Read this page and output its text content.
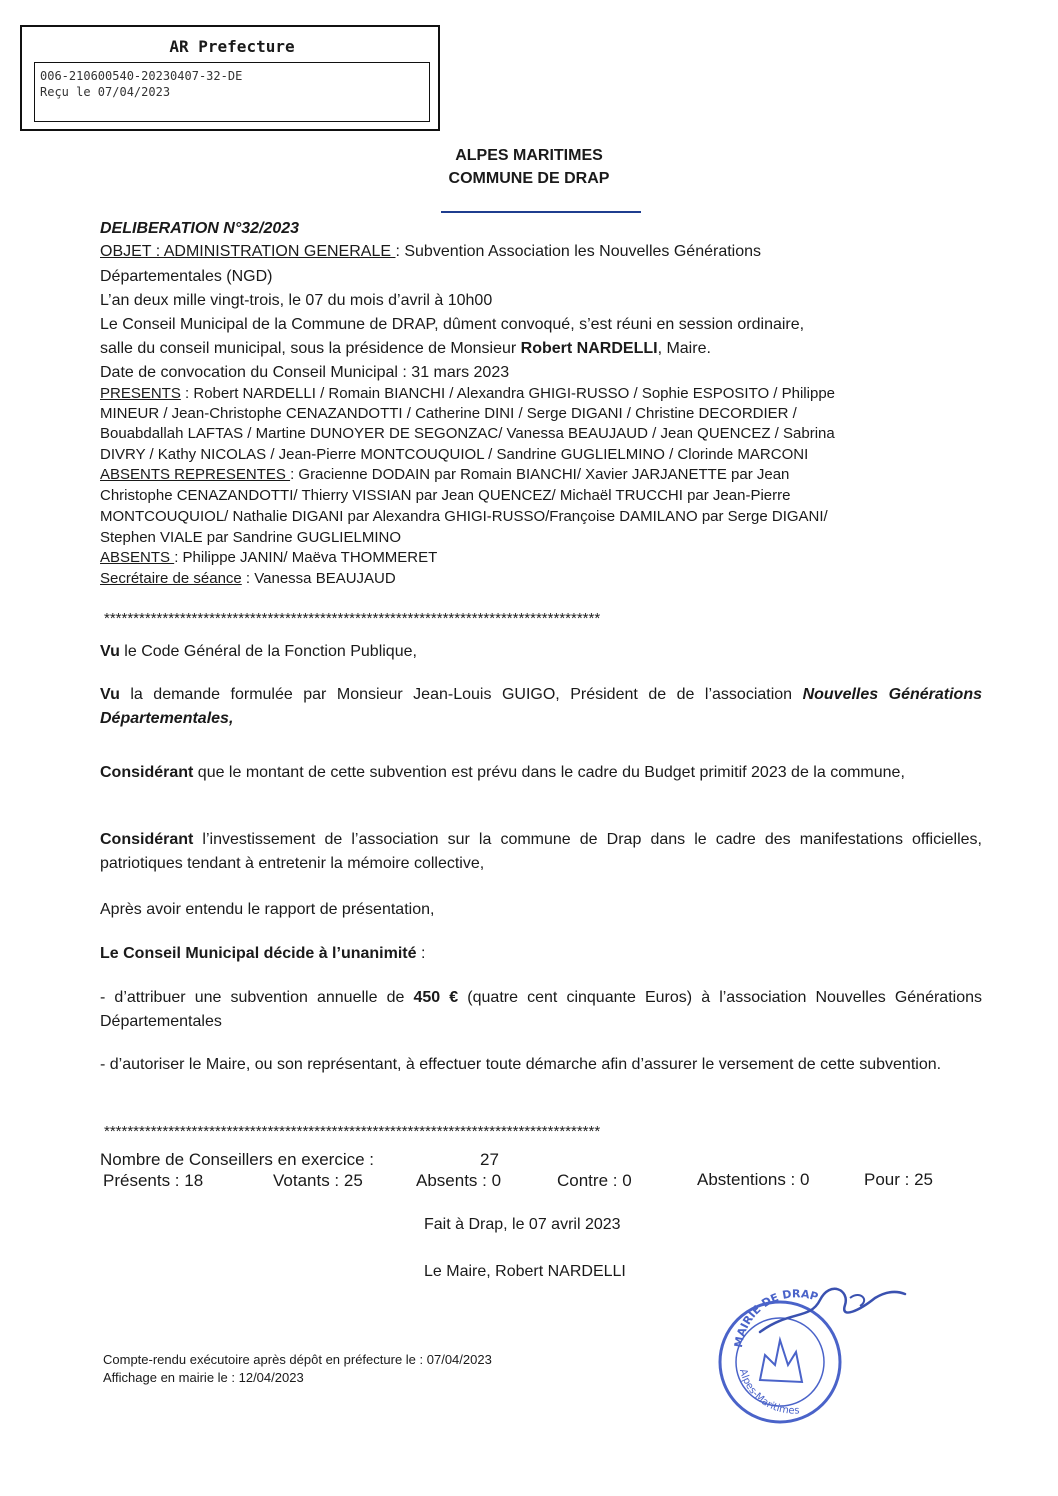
AR Prefecture
006-210600540-20230407-32-DE
Reçu le 07/04/2023
ALPES MARITIMES
COMMUNE DE DRAP
DELIBERATION N°32/2023
OBJET : ADMINISTRATION GENERALE : Subvention Association les Nouvelles Générations
Départementales (NGD)
L’an deux mille vingt-trois, le 07 du mois d’avril à 10h00
Le Conseil Municipal de la Commune de DRAP, dûment convoqué, s’est réuni en session ordinaire,
salle du conseil municipal, sous la présidence de Monsieur Robert NARDELLI, Maire.
Date de convocation du Conseil Municipal : 31 mars 2023
PRESENTS : Robert NARDELLI / Romain BIANCHI / Alexandra GHIGI-RUSSO / Sophie ESPOSITO / Philippe
MINEUR / Jean-Christophe CENAZANDOTTI / Catherine DINI / Serge DIGANI / Christine DECORDIER /
Bouabdallah LAFTAS / Martine DUNOYER DE SEGONZAC/ Vanessa BEAUJAUD / Jean QUENCEZ / Sabrina
DIVRY / Kathy NICOLAS / Jean-Pierre MONTCOUQUIOL / Sandrine GUGLIELMINO / Clorinde MARCONI
ABSENTS REPRESENTES : Gracienne DODAIN par Romain BIANCHI/ Xavier JARJANETTE par Jean
Christophe CENAZANDOTTI/ Thierry VISSIAN par Jean QUENCEZ/ Michaël TRUCCHI par Jean-Pierre
MONTCOUQUIOL/ Nathalie DIGANI par Alexandra GHIGI-RUSSO/Françoise DAMILANO par Serge DIGANI/
Stephen VIALE par Sandrine GUGLIELMINO
ABSENTS : Philippe JANIN/ Maëva THOMMERET
Secrétaire de séance : Vanessa BEAUJAUD
*************************************************************************************
Vu le Code Général de la Fonction Publique,
Vu la demande formulée par Monsieur Jean-Louis GUIGO, Président de de l’association Nouvelles Générations Départementales,
Considérant que le montant de cette subvention est prévu dans le cadre du Budget primitif 2023 de la commune,
Considérant l’investissement de l’association sur la commune de Drap dans le cadre des manifestations officielles, patriotiques tendant à entretenir la mémoire collective,
Après avoir entendu le rapport de présentation,
Le Conseil Municipal décide à l’unanimité :
- d’attribuer une subvention annuelle de 450 € (quatre cent cinquante Euros) à l’association Nouvelles Générations Départementales
- d’autoriser le Maire, ou son représentant, à effectuer toute démarche afin d’assurer le versement de cette subvention.
*************************************************************************************
Nombre de Conseillers en exercice :	27
Présents : 18	Votants : 25	Absents : 0	Contre : 0	Abstentions : 0	Pour : 25
Fait à Drap, le 07 avril 2023
Le Maire, Robert NARDELLI
MAIRIE DE DRAP
Alpes-Maritimes
Compte-rendu exécutoire après dépôt en préfecture le : 07/04/2023
Affichage en mairie le : 12/04/2023
